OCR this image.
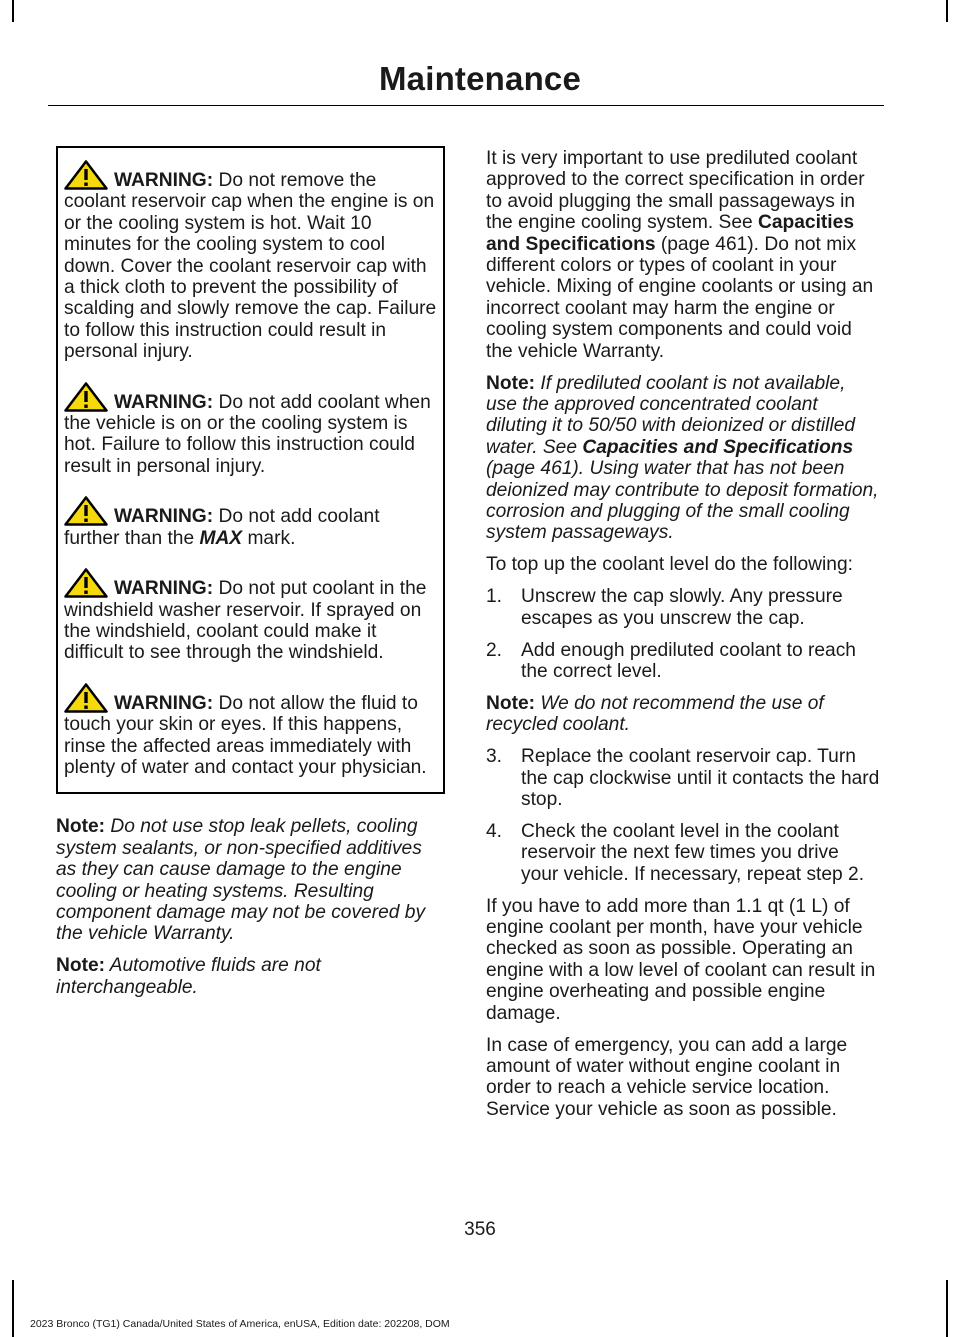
Maintenance
WARNING: Do not remove the coolant reservoir cap when the engine is on or the cooling system is hot. Wait 10 minutes for the cooling system to cool down. Cover the coolant reservoir cap with a thick cloth to prevent the possibility of scalding and slowly remove the cap. Failure to follow this instruction could result in personal injury.
WARNING: Do not add coolant when the vehicle is on or the cooling system is hot. Failure to follow this instruction could result in personal injury.
WARNING: Do not add coolant further than the MAX mark.
WARNING: Do not put coolant in the windshield washer reservoir. If sprayed on the windshield, coolant could make it difficult to see through the windshield.
WARNING: Do not allow the fluid to touch your skin or eyes. If this happens, rinse the affected areas immediately with plenty of water and contact your physician.

Note: Do not use stop leak pellets, cooling system sealants, or non-specified additives as they can cause damage to the engine cooling or heating systems. Resulting component damage may not be covered by the vehicle Warranty.

Note: Automotive fluids are not interchangeable.

It is very important to use prediluted coolant approved to the correct specification in order to avoid plugging the small passageways in the engine cooling system. See Capacities and Specifications (page 461). Do not mix different colors or types of coolant in your vehicle. Mixing of engine coolants or using an incorrect coolant may harm the engine or cooling system components and could void the vehicle Warranty.

Note: If prediluted coolant is not available, use the approved concentrated coolant diluting it to 50/50 with deionized or distilled water. See Capacities and Specifications (page 461). Using water that has not been deionized may contribute to deposit formation, corrosion and plugging of the small cooling system passageways.

To top up the coolant level do the following:

1. Unscrew the cap slowly. Any pressure escapes as you unscrew the cap.
2. Add enough prediluted coolant to reach the correct level.

Note: We do not recommend the use of recycled coolant.

3. Replace the coolant reservoir cap. Turn the cap clockwise until it contacts the hard stop.
4. Check the coolant level in the coolant reservoir the next few times you drive your vehicle. If necessary, repeat step 2.

If you have to add more than 1.1 qt (1 L) of engine coolant per month, have your vehicle checked as soon as possible. Operating an engine with a low level of coolant can result in engine overheating and possible engine damage.

In case of emergency, you can add a large amount of water without engine coolant in order to reach a vehicle service location. Service your vehicle as soon as possible.

356
2023 Bronco (TG1) Canada/United States of America, enUSA, Edition date: 202208, DOM
